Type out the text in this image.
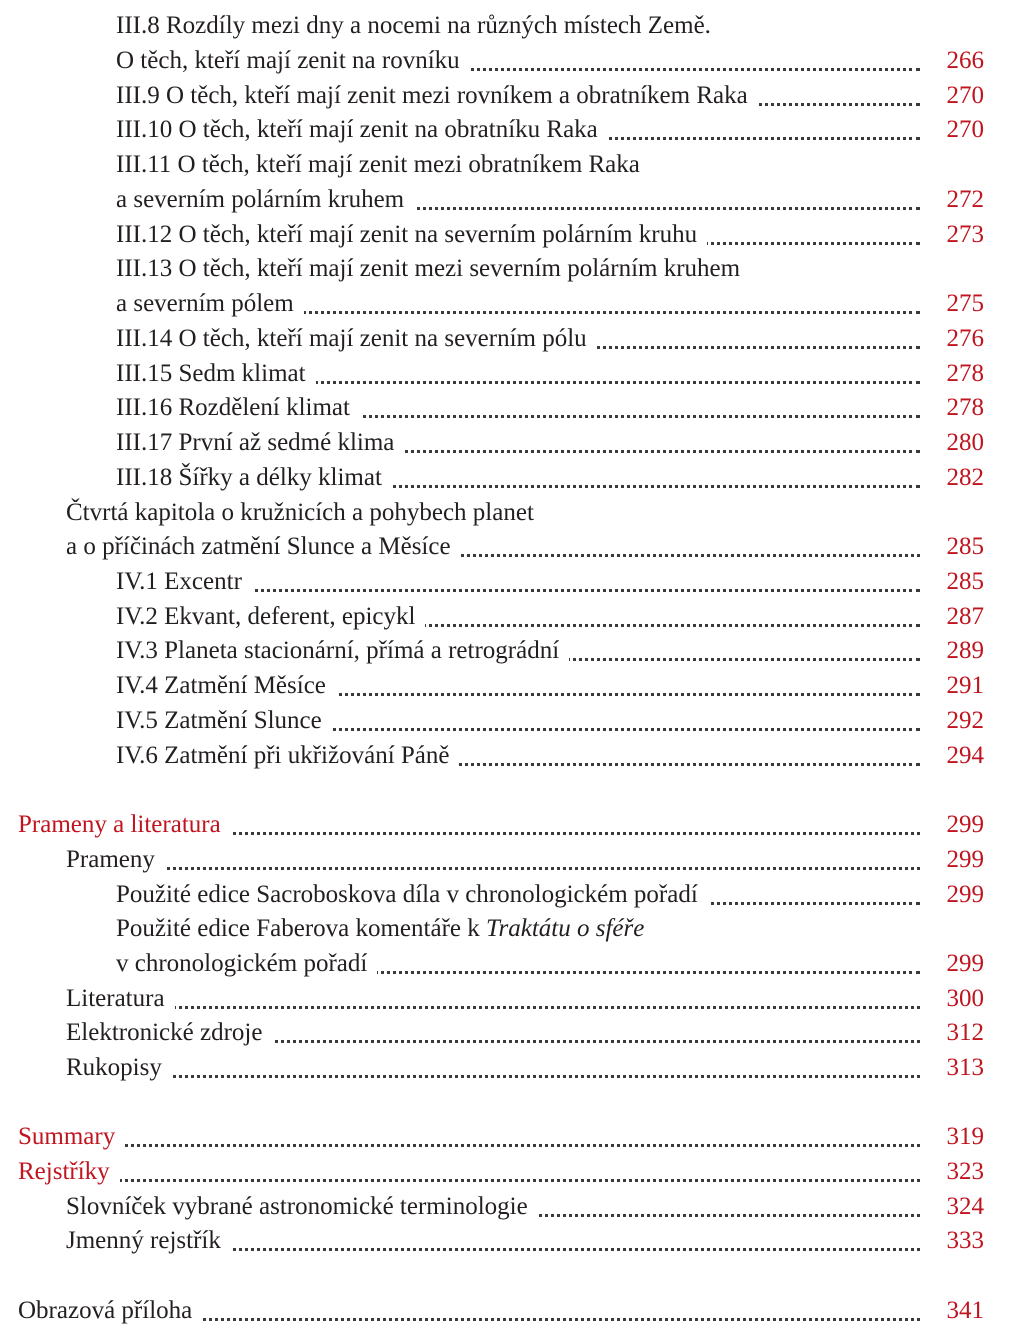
III.8 Rozdíly mezi dny a nocemi na různých místech Země.
O těch, kteří mají zenit na rovníku	266
III.9 O těch, kteří mají zenit mezi rovníkem a obratníkem Raka	270
III.10 O těch, kteří mají zenit na obratníku Raka	270
III.11 O těch, kteří mají zenit mezi obratníkem Raka
a severním polárním kruhem	272
III.12 O těch, kteří mají zenit na severním polárním kruhu	273
III.13 O těch, kteří mají zenit mezi severním polárním kruhem
a severním pólem	275
III.14 O těch, kteří mají zenit na severním pólu	276
III.15 Sedm klimat	278
III.16 Rozdělení klimat	278
III.17 První až sedmé klima	280
III.18 Šířky a délky klimat	282
Čtvrtá kapitola o kružnicích a pohybech planet
a o příčinách zatmění Slunce a Měsíce	285
IV.1 Excentr	285
IV.2 Ekvant, deferent, epicykl	287
IV.3 Planeta stacionární, přímá a retrográdní	289
IV.4 Zatmění Měsíce	291
IV.5 Zatmění Slunce	292
IV.6 Zatmění při ukřižování Páně	294
Prameny a literatura	299
Prameny	299
Použité edice Sacroboskova díla v chronologickém pořadí	299
Použité edice Faberova komentáře k Traktátu o sféře
v chronologickém pořadí	299
Literatura	300
Elektronické zdroje	312
Rukopisy	313
Summary	319
Rejstříky	323
Slovníček vybrané astronomické terminologie	324
Jmenný rejstřík	333
Obrazová příloha	341
